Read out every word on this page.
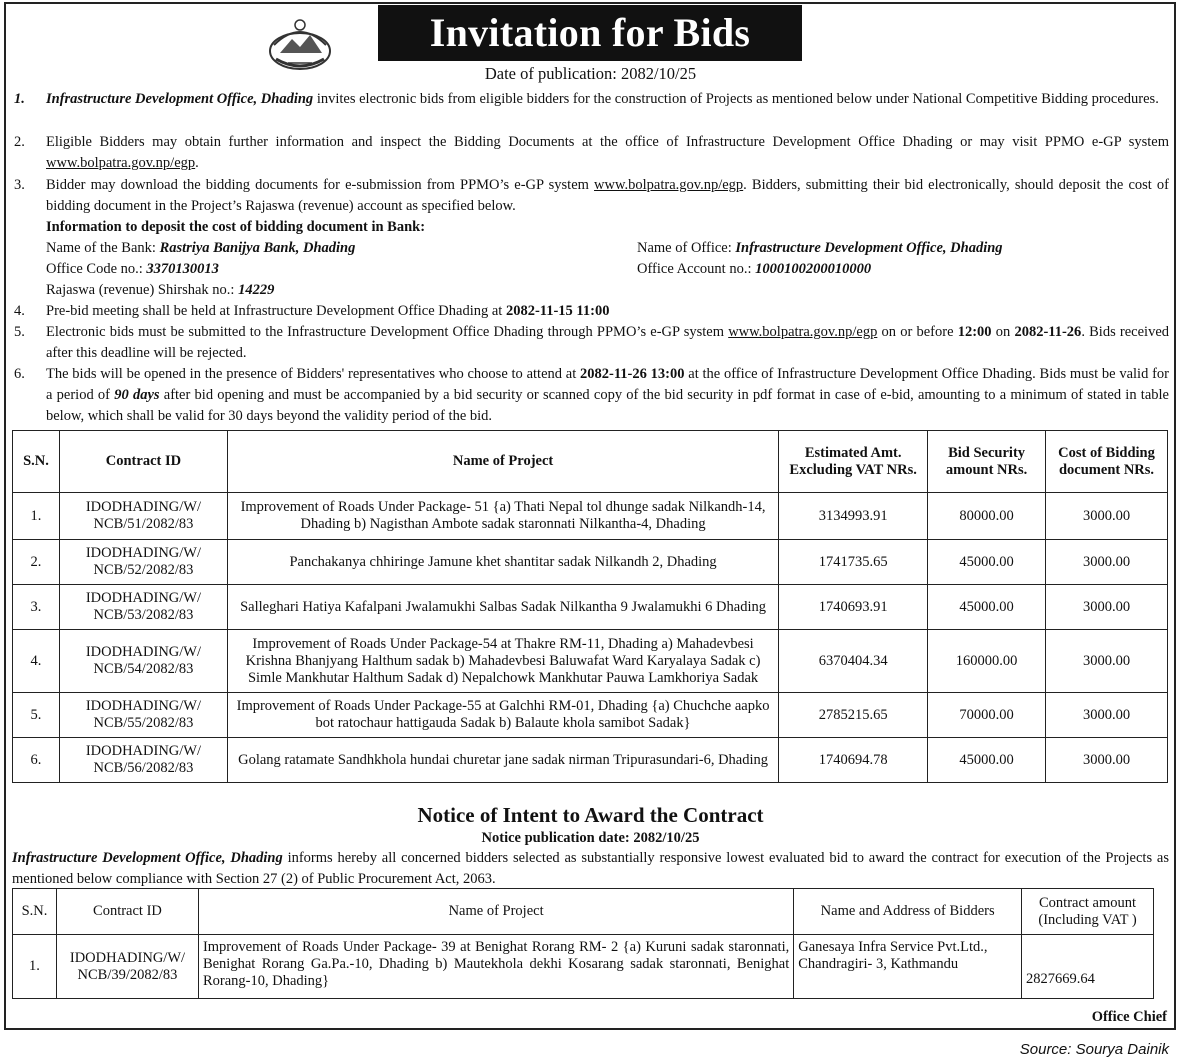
Invitation for Bids
Date of publication: 2082/10/25
1.	Infrastructure Development Office, Dhading invites electronic bids from eligible bidders for the construction of Projects as mentioned below under National Competitive Bidding procedures.
2.	Eligible Bidders may obtain further information and inspect the Bidding Documents at the office of Infrastructure Development Office Dhading or may visit PPMO e-GP system www.bolpatra.gov.np/egp.
3.	Bidder may download the bidding documents for e-submission from PPMO’s e-GP system www.bolpatra.gov.np/egp. Bidders, submitting their bid electronically, should deposit the cost of bidding document in the Project’s Rajaswa (revenue) account as specified below.
Information to deposit the cost of bidding document in Bank:
Name of the Bank: Rastriya Banijya Bank, Dhading	Name of Office: Infrastructure Development Office, Dhading
Office Code no.: 3370130013	Office Account no.: 1000100200010000
Rajaswa (revenue) Shirshak no.: 14229
4.	Pre-bid meeting shall be held at Infrastructure Development Office Dhading at 2082-11-15 11:00
5.	Electronic bids must be submitted to the Infrastructure Development Office Dhading through PPMO’s e-GP system www.bolpatra.gov.np/egp on or before 12:00 on 2082-11-26. Bids received after this deadline will be rejected.
6.	The bids will be opened in the presence of Bidders' representatives who choose to attend at 2082-11-26 13:00 at the office of Infrastructure Development Office Dhading. Bids must be valid for a period of 90 days after bid opening and must be accompanied by a bid security or scanned copy of the bid security in pdf format in case of e-bid, amounting to a minimum of stated in table below, which shall be valid for 30 days beyond the validity period of the bid.
S.N.	Contract ID	Name of Project	Estimated Amt. Excluding VAT NRs.	Bid Security amount NRs.	Cost of Bidding document NRs.
1.	IDODHADING/W/ NCB/51/2082/83	Improvement of Roads Under Package- 51 {a) Thati Nepal tol dhunge sadak Nilkandh-14, Dhading b) Nagisthan Ambote sadak staronnati Nilkantha-4, Dhading	3134993.91	80000.00	3000.00
2.	IDODHADING/W/ NCB/52/2082/83	Panchakanya chhiringe Jamune khet shantitar sadak Nilkandh 2, Dhading	1741735.65	45000.00	3000.00
3.	IDODHADING/W/ NCB/53/2082/83	Salleghari Hatiya Kafalpani Jwalamukhi Salbas Sadak Nilkantha 9 Jwalamukhi 6 Dhading	1740693.91	45000.00	3000.00
4.	IDODHADING/W/ NCB/54/2082/83	Improvement of Roads Under Package-54 at Thakre RM-11, Dhading a) Mahadevbesi Krishna Bhanjyang Halthum sadak b) Mahadevbesi Baluwafat Ward Karyalaya Sadak c) Simle Mankhutar Halthum Sadak d) Nepalchowk Mankhutar Pauwa Lamkhoriya Sadak	6370404.34	160000.00	3000.00
5.	IDODHADING/W/ NCB/55/2082/83	Improvement of Roads Under Package-55 at Galchhi RM-01, Dhading {a) Chuchche aapko bot ratochaur hattigauda Sadak b) Balaute khola samibot Sadak}	2785215.65	70000.00	3000.00
6.	IDODHADING/W/ NCB/56/2082/83	Golang ratamate Sandhkhola hundai churetar jane sadak nirman Tripurasundari-6, Dhading	1740694.78	45000.00	3000.00
Notice of Intent to Award the Contract
Notice publication date: 2082/10/25
Infrastructure Development Office, Dhading informs hereby all concerned bidders selected as substantially responsive lowest evaluated bid to award the contract for execution of the Projects as mentioned below compliance with Section 27 (2) of Public Procurement Act, 2063.
S.N.	Contract ID	Name of Project	Name and Address of Bidders	Contract amount (Including VAT )
1.	IDODHADING/W/ NCB/39/2082/83	Improvement of Roads Under Package- 39 at Benighat Rorang RM- 2 {a) Kuruni sadak staronnati, Benighat Rorang Ga.Pa.-10, Dhading b) Mautekhola dekhi Kosarang sadak staronnati, Benighat Rorang-10, Dhading}	Ganesaya Infra Service Pvt.Ltd., Chandragiri- 3, Kathmandu	2827669.64
Office Chief
Source: Sourya Dainik
